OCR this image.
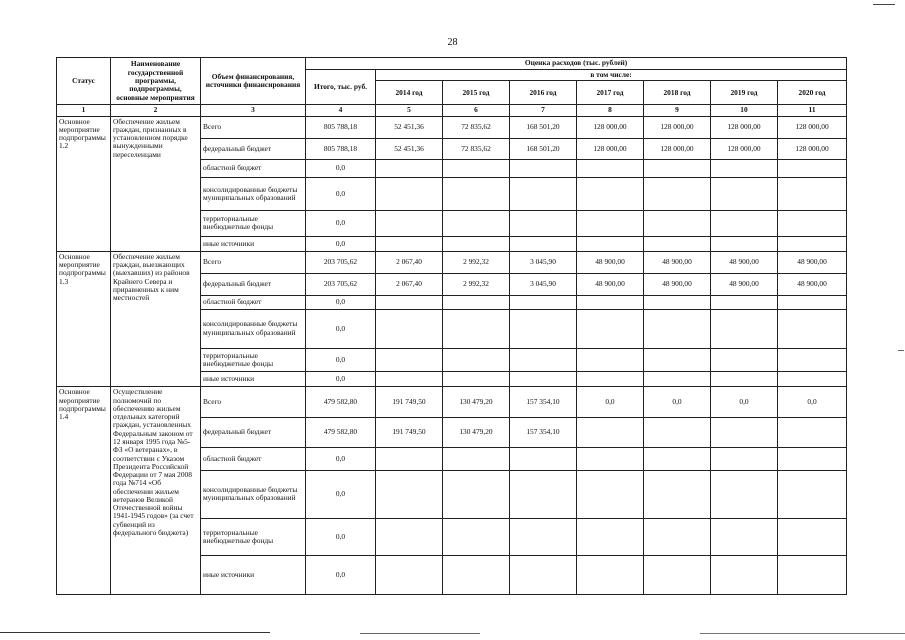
28
Статус	Наименование государственной программы, подпрограммы, основные мероприятия	Объем финансирования, источники финансирования	Оценка расходов (тыс. рублей)							
			Итого, тыс. руб.	в том числе:						
				2014 год	2015 год	2016 год	2017 год	2018 год	2019 год	2020 год
1	2	3	4	5	6	7	8	9	10	11
Основное мероприятие подпрограммы 1.2	Обеспечение жильем граждан, признанных в установленном порядке вынужденными переселенцами	Всего	805 788,18	52 451,36	72 835,62	168 501,20	128 000,00	128 000,00	128 000,00	128 000,00
		федеральный бюджет	805 788,18	52 451,36	72 835,62	168 501,20	128 000,00	128 000,00	128 000,00	128 000,00
		областной бюджет	0,0							
		консолидированные бюджеты муниципальных образований	0,0							
		территориальные внебюджетные фонды	0,0							
		иные источники	0,0							
Основное мероприятие подпрограммы 1.3	Обеспечение жильем граждан, выезжающих (выехавших) из районов Крайнего Севера и приравненных к ним местностей	Всего	203 705,62	2 067,40	2 992,32	3 045,90	48 900,00	48 900,00	48 900,00	48 900,00
		федеральный бюджет	203 705,62	2 067,40	2 992,32	3 045,90	48 900,00	48 900,00	48 900,00	48 900,00
		областной бюджет	0,0							
		консолидированные бюджеты муниципальных образований	0,0							
		территориальные внебюджетные фонды	0,0							
		иные источники	0,0							
Основное мероприятие подпрограммы 1.4	Осуществление полномочий по обеспечению жильем отдельных категорий граждан, установленных Федеральным законом от 12 января 1995 года №5-ФЗ «О ветеранах», в соответствии с Указом Президента Российской Федерации от 7 мая 2008 года №714 «Об обеспечении жильем ветеранов Великой Отечественной войны 1941-1945 годов» (за счет субвенций из федерального бюджета)	Всего	479 582,80	191 749,50	130 479,20	157 354,10	0,0	0,0	0,0	0,0
		федеральный бюджет	479 582,80	191 749,50	130 479,20	157 354,10				
		областной бюджет	0,0							
		консолидированные бюджеты муниципальных образований	0,0							
		территориальные внебюджетные фонды	0,0							
		иные источники	0,0							
